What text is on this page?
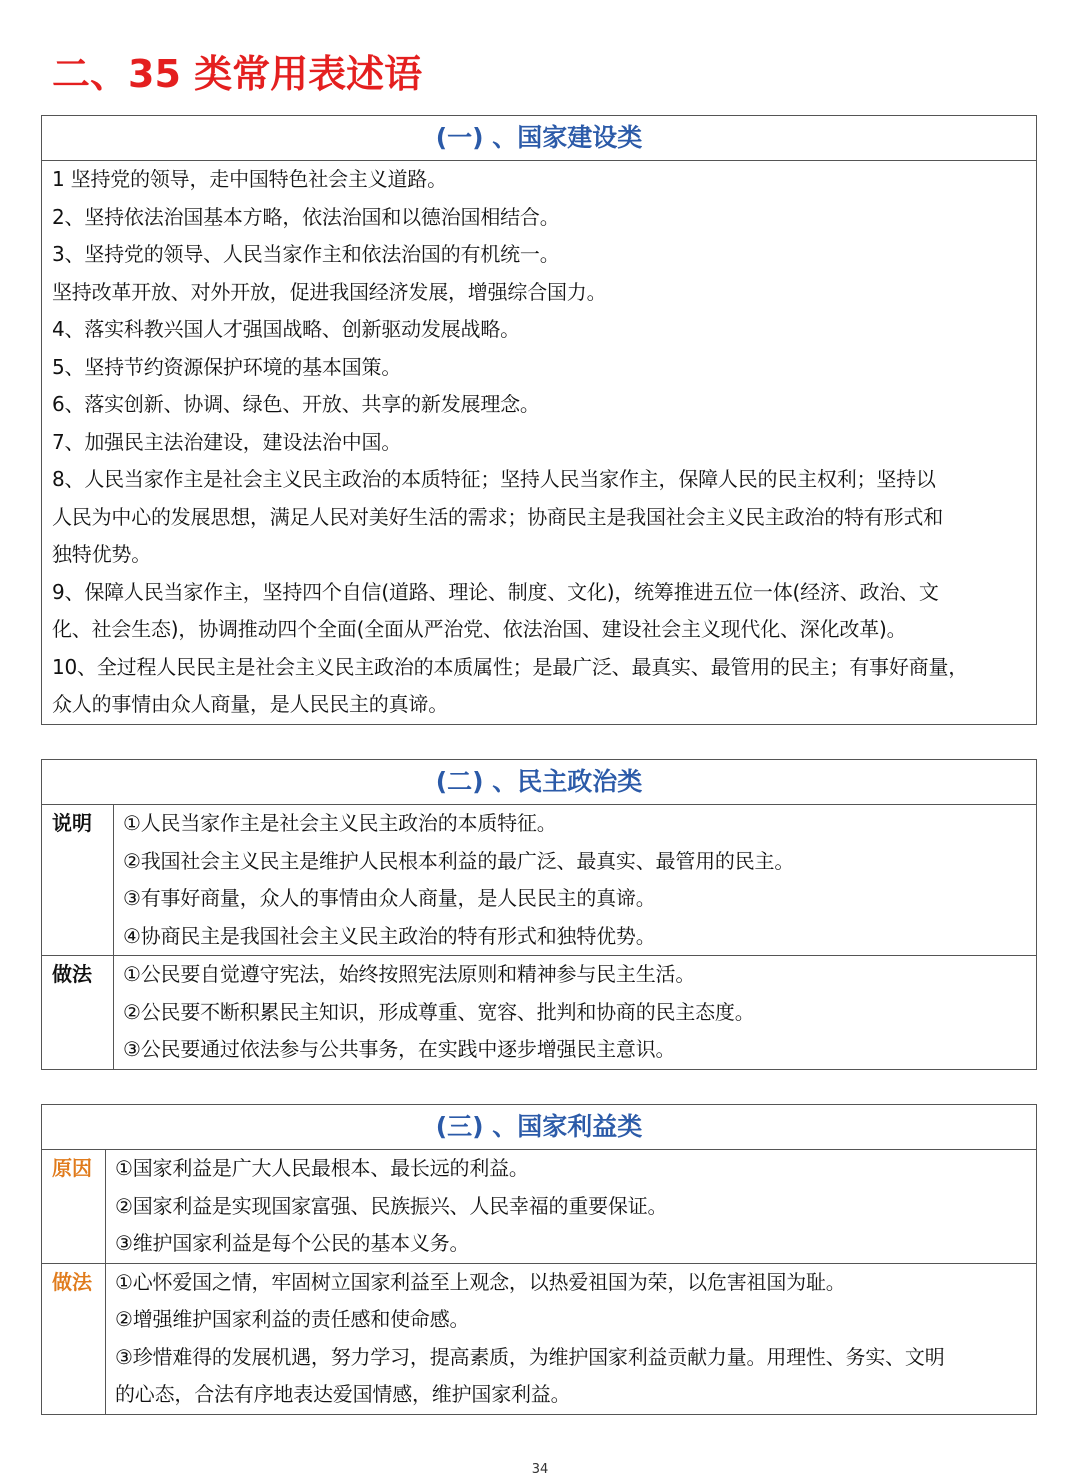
二、35 类常用表述语
(一) 、国家建设类
1 坚持党的领导，走中国特色社会主义道路。
2、坚持依法治国基本方略，依法治国和以德治国相结合。
3、坚持党的领导、人民当家作主和依法治国的有机统一。
坚持改革开放、对外开放，促进我国经济发展，增强综合国力。
4、落实科教兴国人才强国战略、创新驱动发展战略。
5、坚持节约资源保护环境的基本国策。
6、落实创新、协调、绿色、开放、共享的新发展理念。
7、加强民主法治建设，建设法治中国。
8、人民当家作主是社会主义民主政治的本质特征；坚持人民当家作主，保障人民的民主权利；坚持以
人民为中心的发展思想，满足人民对美好生活的需求；协商民主是我国社会主义民主政治的特有形式和
独特优势。
9、保障人民当家作主，坚持四个自信(道路、理论、制度、文化)，统筹推进五位一体(经济、政治、文
化、社会生态)，协调推动四个全面(全面从严治党、依法治国、建设社会主义现代化、深化改革)。
10、全过程人民民主是社会主义民主政治的本质属性；是最广泛、最真实、最管用的民主；有事好商量，
众人的事情由众人商量，是人民民主的真谛。
(二) 、民主政治类
说明	①人民当家作主是社会主义民主政治的本质特征。
②我国社会主义民主是维护人民根本利益的最广泛、最真实、最管用的民主。
③有事好商量，众人的事情由众人商量，是人民民主的真谛。
④协商民主是我国社会主义民主政治的特有形式和独特优势。
做法	①公民要自觉遵守宪法，始终按照宪法原则和精神参与民主生活。
②公民要不断积累民主知识，形成尊重、宽容、批判和协商的民主态度。
③公民要通过依法参与公共事务，在实践中逐步增强民主意识。
(三) 、国家利益类
原因	①国家利益是广大人民最根本、最长远的利益。
②国家利益是实现国家富强、民族振兴、人民幸福的重要保证。
③维护国家利益是每个公民的基本义务。
做法	①心怀爱国之情，牢固树立国家利益至上观念，以热爱祖国为荣，以危害祖国为耻。
②增强维护国家利益的责任感和使命感。
③珍惜难得的发展机遇，努力学习，提高素质，为维护国家利益贡献力量。用理性、务实、文明
的心态，合法有序地表达爱国情感，维护国家利益。
34
